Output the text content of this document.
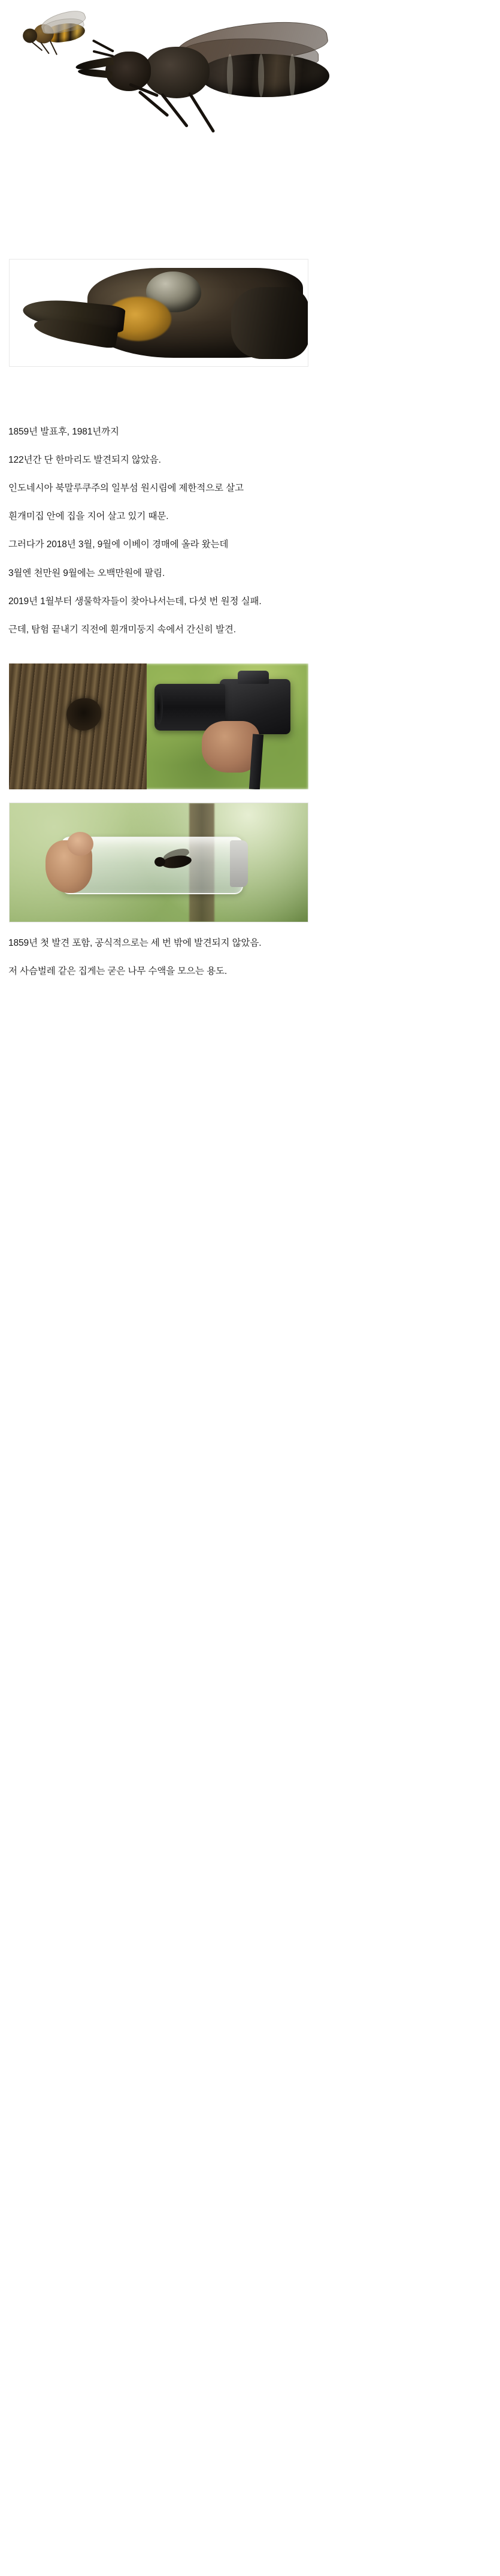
1859년 발표후, 1981년까지

122년간 단 한마리도 발견되지 않았음.

인도네시아 북말루쿠주의 일부섬 원시림에 제한적으로 살고

흰개미집 안에 집을 지어 살고 있기 때문.

그러다가 2018년 3월, 9월에 이베이 경매에 올라 왔는데

3월엔 천만원 9월에는 오백만원에 팔림.

2019년 1월부터 생물학자들이 찾아나서는데, 다섯 번 원정 실패.

근데, 탐험 끝내기 직전에 흰개미둥지 속에서 간신히 발견.

1859년 첫 발견 포함, 공식적으로는 세 번 밖에 발견되지 않았음.

저 사슴벌레 같은 집게는 굳은 나무 수액을 모으는 용도.
